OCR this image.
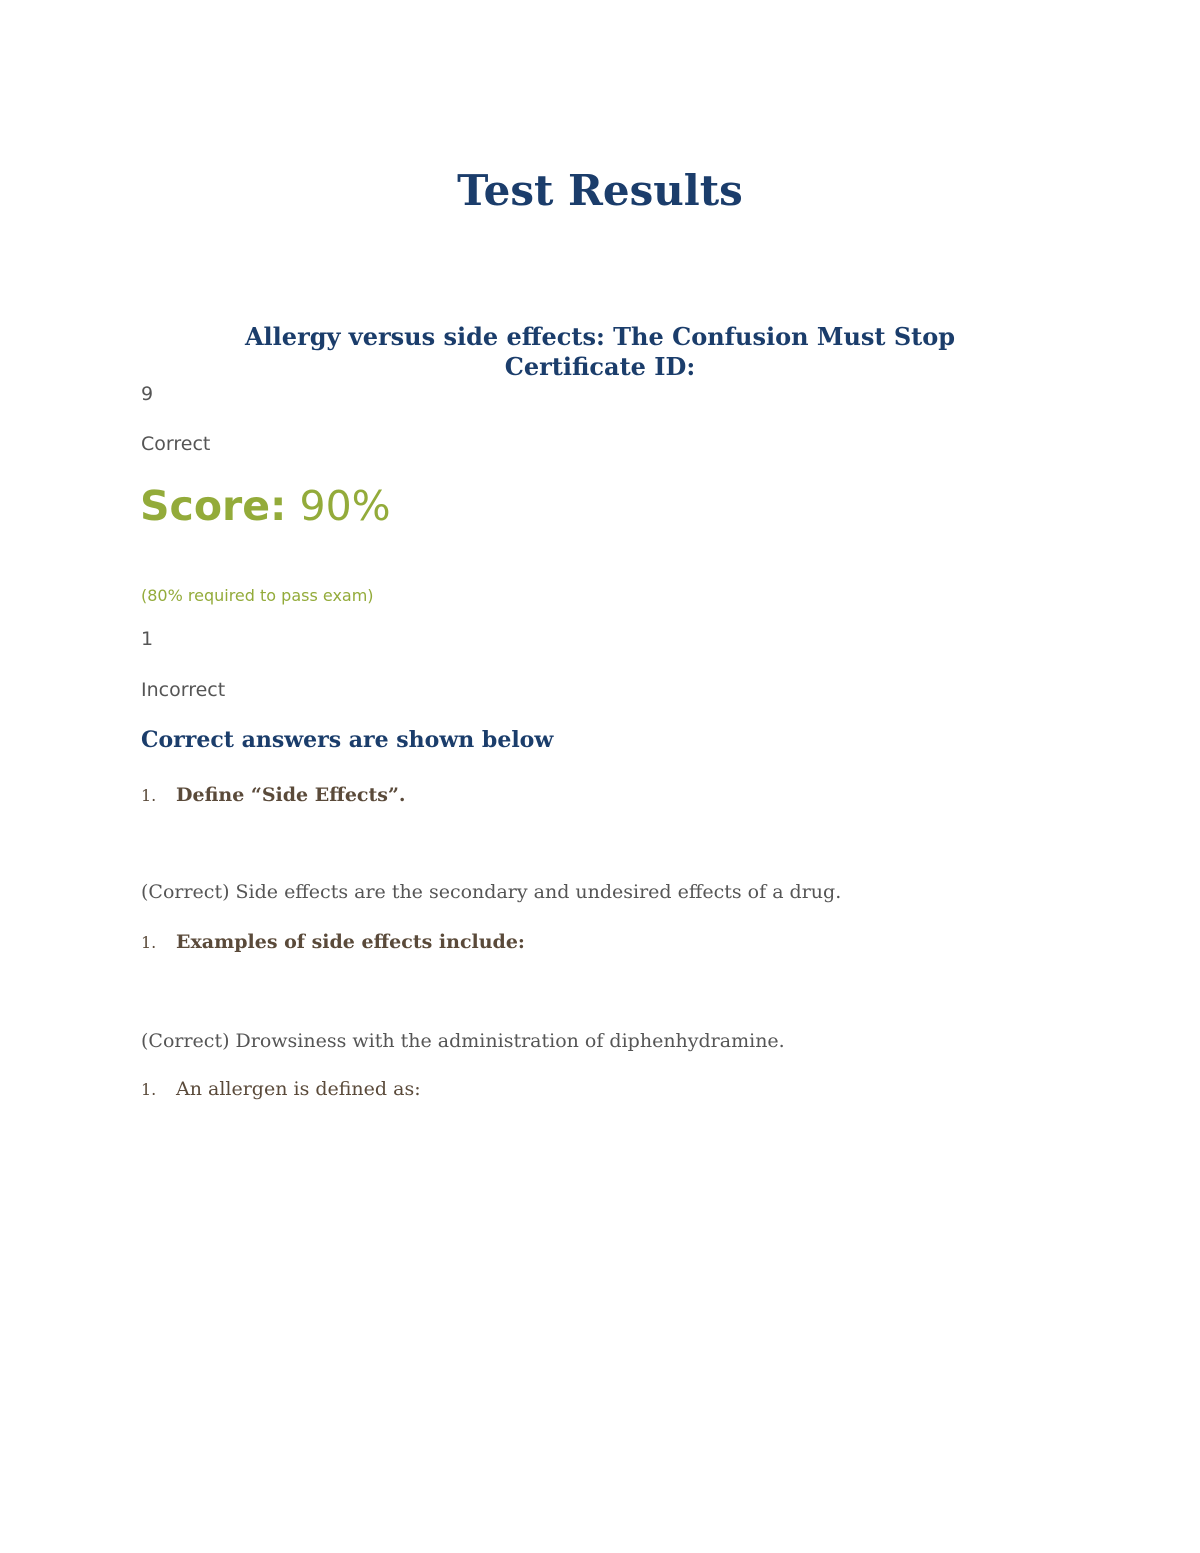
Test Results
Allergy versus side effects: The Confusion Must Stop
Certificate ID:

9

Correct

Score: 90%

(80% required to pass exam)

1

Incorrect

Correct answers are shown below

1. Define “Side Effects”.

(Correct) Side effects are the secondary and undesired effects of a drug.

1. Examples of side effects include:

(Correct) Drowsiness with the administration of diphenhydramine.

1. An allergen is defined as:
